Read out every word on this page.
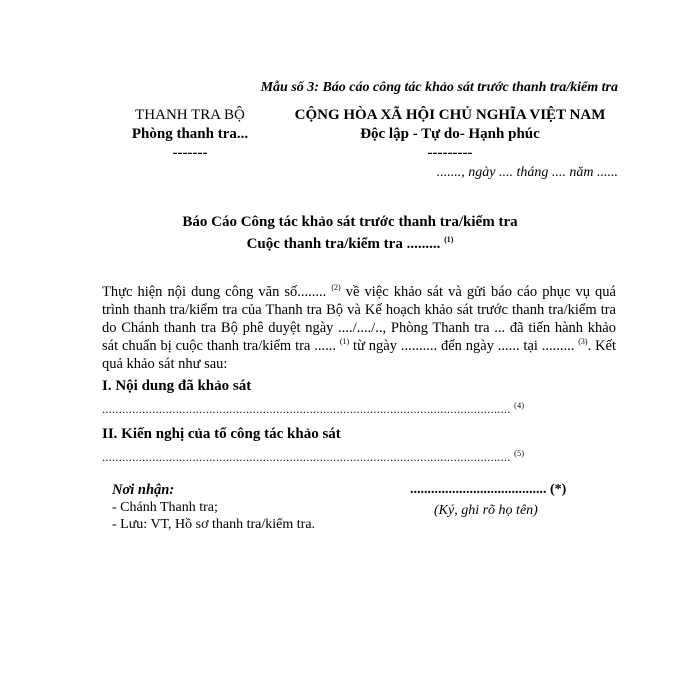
Mẫu số 3: Báo cáo công tác khảo sát trước thanh tra/kiểm tra
THANH TRA BỘ
Phòng thanh tra...
-------
CỘNG HÒA XÃ HỘI CHỦ NGHĨA VIỆT NAM
Độc lập - Tự do- Hạnh phúc
---------
......., ngày .... tháng .... năm ......
Báo Cáo Công tác khảo sát trước thanh tra/kiểm tra
Cuộc thanh tra/kiểm tra ......... $^{(1)}$
Thực hiện nội dung công văn số........ $^{(2)}$ về việc khảo sát và gửi báo cáo phục vụ quá trình thanh tra/kiểm tra của Thanh tra Bộ và Kế hoạch khảo sát trước thanh tra/kiểm tra do Chánh thanh tra Bộ phê duyệt ngày ..../..../.., Phòng Thanh tra ... đã tiến hành khảo sát chuẩn bị cuộc thanh tra/kiểm tra ...... $^{(1)}$ từ ngày .......... đến ngày ...... tại ......... $^{(3)}$. Kết quả khảo sát như sau:
I. Nội dung đã khảo sát
.......................................................................................................................... $^{(4)}$
II. Kiến nghị của tổ công tác khảo sát
.......................................................................................................................... $^{(5)}$
Nơi nhận:
- Chánh Thanh tra;
- Lưu: VT, Hồ sơ thanh tra/kiểm tra.
....................................... (*)
(Ký, ghi rõ họ tên)
